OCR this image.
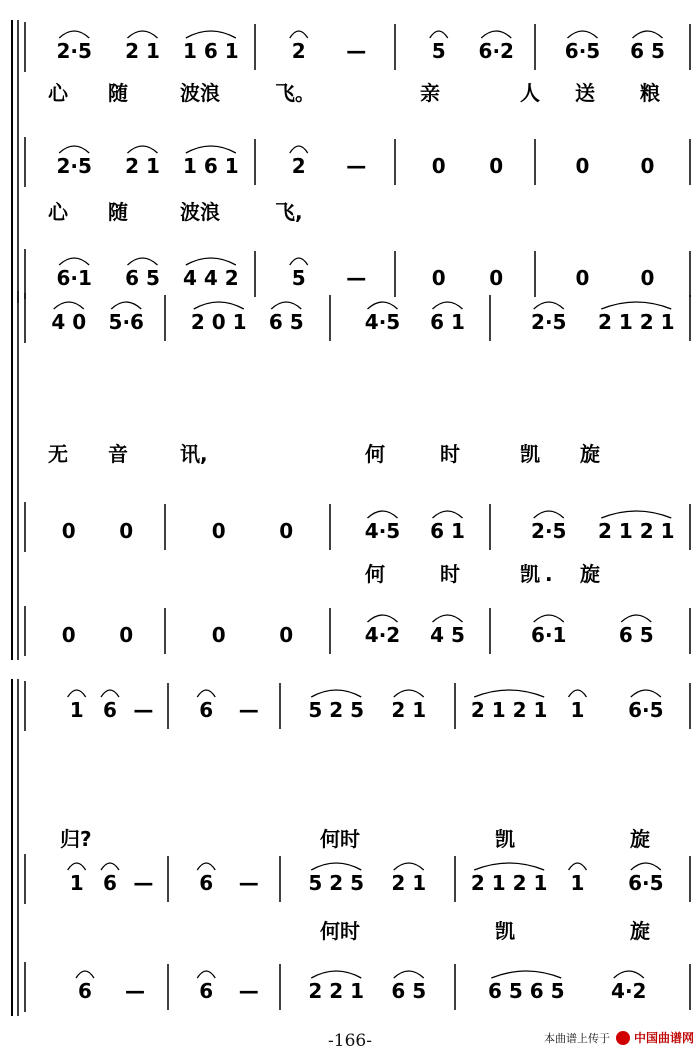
2·5 2 1 1 6 1	2 —	5 6·2	6·5 6 5
心 随	波浪	飞。	亲	人 送 粮
2·5 2 1 1 6 1	2 —	0 0	0	0
心 随	波浪	飞,
6·1 6 5 4 4 2	5 —	0 0	0	0
4 0 5·6 2 0 1 6 5	4·5 6 1	2·5 2 1 2 1
无 音	讯,	何	时	凯 旋
0 0	0	0	4·5 6 1	2·5 2 1 2 1
何	时	凯 . 旋
0 0	0	0	4·2 4 5	6·1	6 5
1 6 — 6 — 5 2 5 2 1 2 1 2 1 1 6·5
归?	何时	凯	旋
1 6 — 6 — 5 2 5 2 1 2 1 2 1 1 6·5
何时	凯	旋
6 —	6 — 2 2 1 6 5	6 5 6 5 4·2
-166-	本曲谱上传于 中国曲谱网
